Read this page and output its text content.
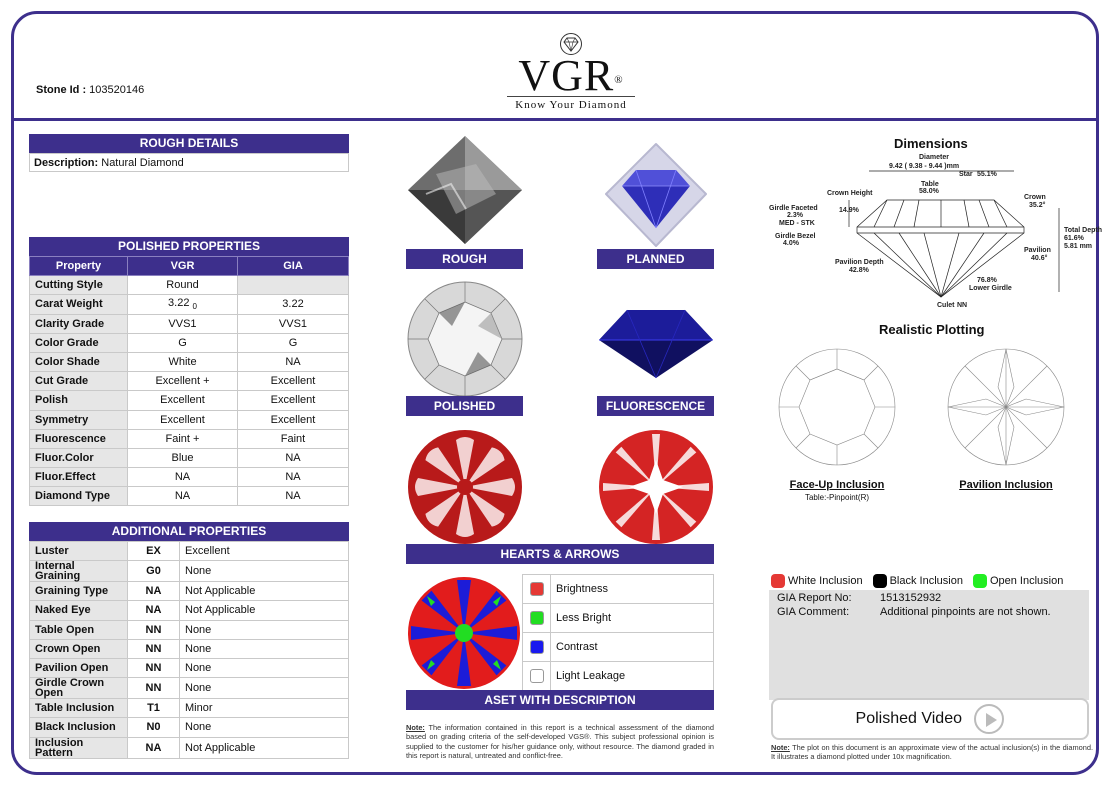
Stone Id : 103520146	VGR®
Know Your Diamond
ROUGH DETAILS
Description: Natural Diamond
POLISHED PROPERTIES
Property	VGR	GIA
Cutting Style	Round	
Carat Weight	3.22 $_0$	3.22
Clarity Grade	VVS1	VVS1
Color Grade	G	G
Color Shade	White	NA
Cut Grade	Excellent +	Excellent
Polish	Excellent	Excellent
Symmetry	Excellent	Excellent
Fluorescence	Faint +	Faint
Fluor.Color	Blue	NA
Fluor.Effect	NA	NA
Diamond Type	NA	NA
ADDITIONAL PROPERTIES
Luster	EX	Excellent
Internal Graining	G0	None
Graining Type	NA	Not Applicable
Naked Eye	NA	Not Applicable
Table Open	NN	None
Crown Open	NN	None
Pavilion Open	NN	None
Girdle Crown Open	NN	None
Table Inclusion	T1	Minor
Black Inclusion	N0	None
Inclusion Pattern	NA	Not Applicable
ROUGH	PLANNED
POLISHED	FLUORESCENCE
HEARTS & ARROWS
	Brightness
	Less Bright
	Contrast
	Light Leakage
ASET WITH DESCRIPTION
Note: The information contained in this report is a technical assessment of the diamond based on grading criteria of the self-developed VGS®. This subject professional opinion is supplied to the customer for his/her guidance only, without resource. The diamond graded in this report is natural, untreated and conflict-free.
Dimensions
Diameter
9.42 ( 9.38 - 9.44 )mm
Star 55.1%
Table
58.0%
Crown Height
14.9%
Crown
35.2°
Girdle Faceted
2.3%
MED - STK
Girdle Bezel
4.0%
Total Depth
61.6%
5.81 mm
Pavilion
40.6°
Pavilion Depth
42.8%
76.8%
Lower Girdle
Culet NN
Realistic Plotting
Face-Up Inclusion
Table:-Pinpoint(R)
Pavilion Inclusion
White Inclusion Black Inclusion Open Inclusion
GIA Report No:	1513152932
GIA Comment:	Additional pinpoints are not shown.
Polished Video
Note: The plot on this document is an approximate view of the actual inclusion(s) in the diamond. It illustrates a diamond plotted under 10x magnification.
